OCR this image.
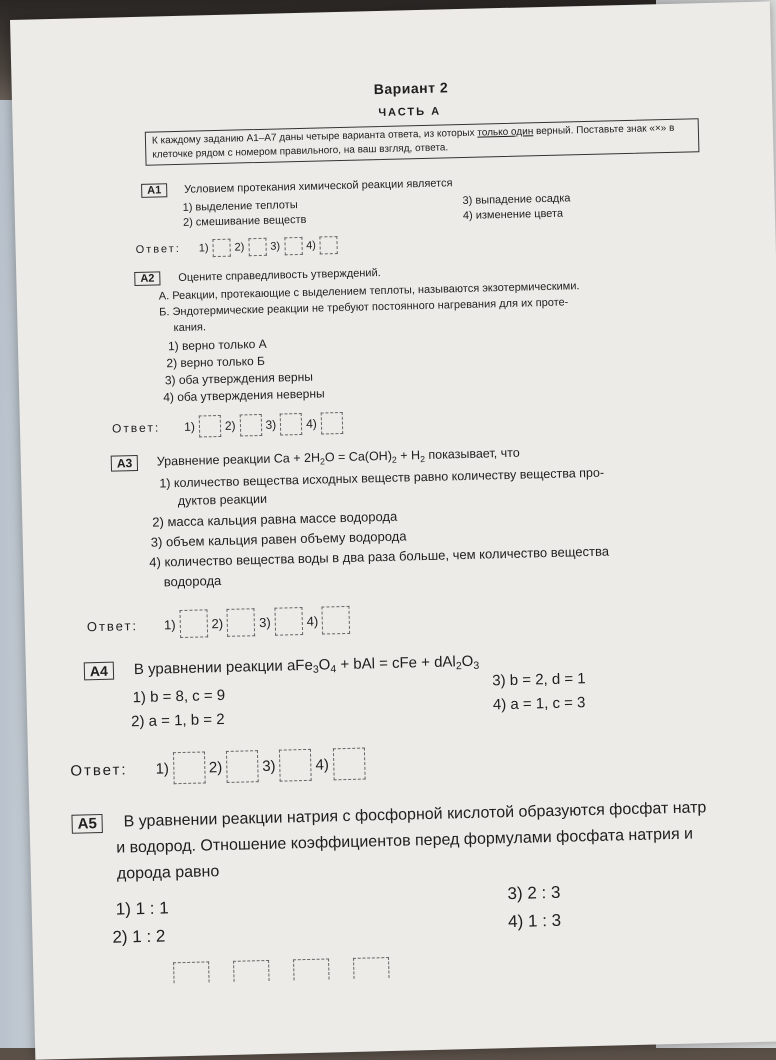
Вариант 2
ЧАСТЬ А
К каждому заданию А1–А7 даны четыре варианта ответа, из которых только один верный. Поставьте знак «×» в клеточке рядом с номером правильного, на ваш взгляд, ответа.
А1	Условием протекания химической реакции является
1) выделение теплоты
2) смешивание веществ
3) выпадение осадка
4) изменение цвета
Ответ: 1) 2) 3) 4)
А2	Оцените справедливость утверждений.
А. Реакции, протекающие с выделением теплоты, называются экзотермическими.
Б. Эндотермические реакции не требуют постоянного нагревания для их проте-
кания.
1) верно только А
2) верно только Б
3) оба утверждения верны
4) оба утверждения неверны
Ответ: 1) 2) 3) 4)
А3	Уравнение реакции $Ca + 2H_2O = Ca(OH)_2 + H_2$ показывает, что
1) количество вещества исходных веществ равно количеству вещества про-
дуктов реакции
2) масса кальция равна массе водорода
3) объем кальция равен объему водорода
4) количество вещества воды в два раза больше, чем количество вещества
водорода
Ответ: 1)	2)	3)	4)
А4	В уравнении реакции $aFe_3O_4$ + bAl = cFe + $dAl_2O_3$
1) b = 8, c = 9
2) a = 1, b = 2
3) b = 2, d = 1
4) a = 1, c = 3
Ответ: 1)	2)	3)	4)
А5	В уравнении реакции натрия с фосфорной кислотой образуются фосфат натр
и водород. Отношение коэффициентов перед формулами фосфата натрия и
дорода равно
1) 1 : 1
2) 1 : 2
3) 2 : 3
4) 1 : 3
